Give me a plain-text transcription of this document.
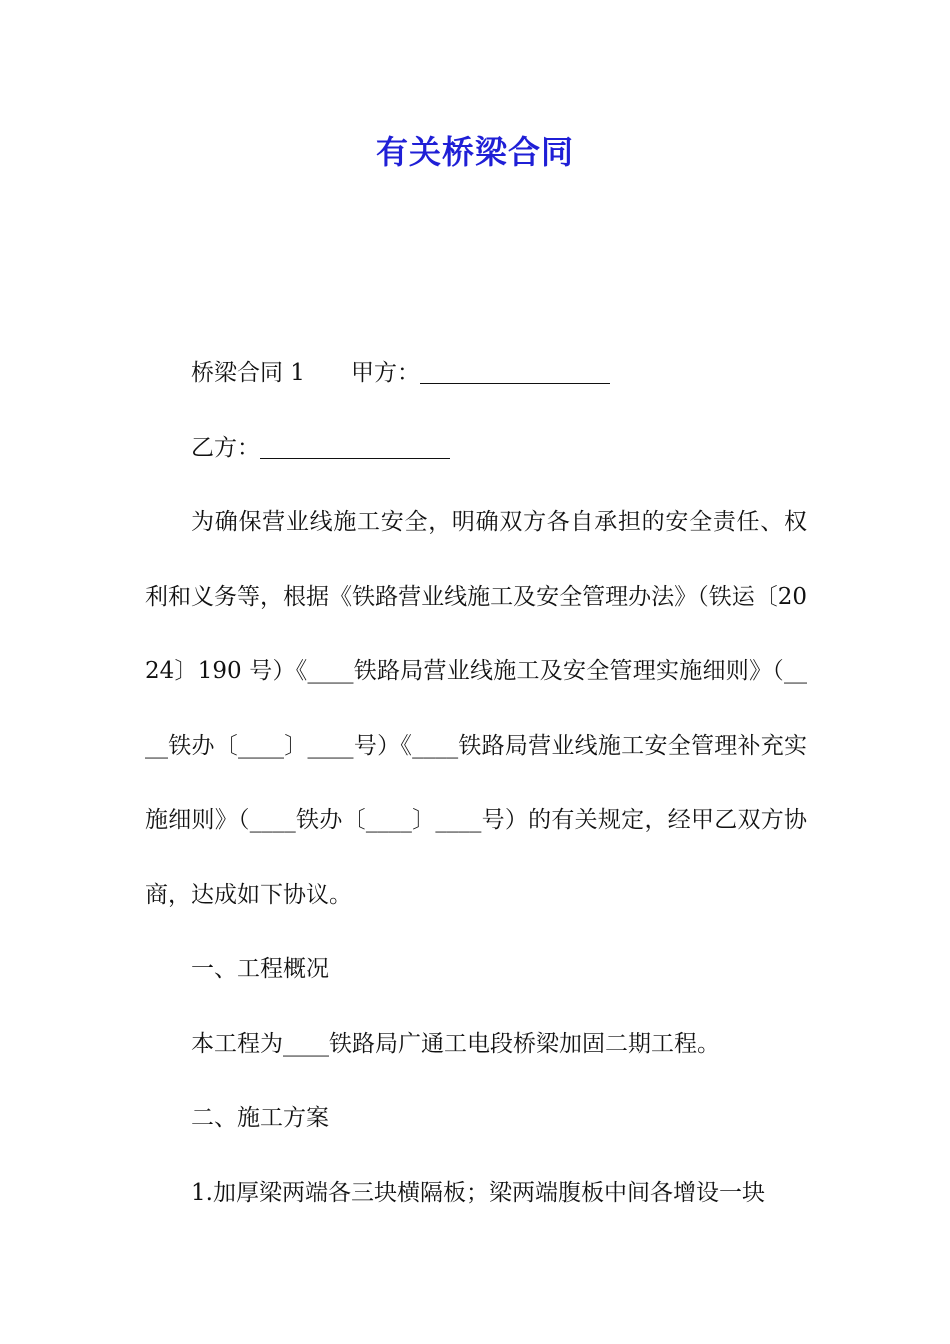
有关桥梁合同

桥梁合同 1 甲方：

乙方：

为确保营业线施工安全，明确双方各自承担的安全责任、权利和义务等，根据《铁路营业线施工及安全管理办法》（铁运〔2024〕190 号）《____铁路局营业线施工及安全管理实施细则》（____铁办〔____〕____号）《____铁路局营业线施工安全管理补充实施细则》（____铁办〔____〕____号）的有关规定，经甲乙双方协商，达成如下协议。

一、工程概况

本工程为____铁路局广通工电段桥梁加固二期工程。

二、施工方案

1.加厚梁两端各三块横隔板；梁两端腹板中间各增设一块
